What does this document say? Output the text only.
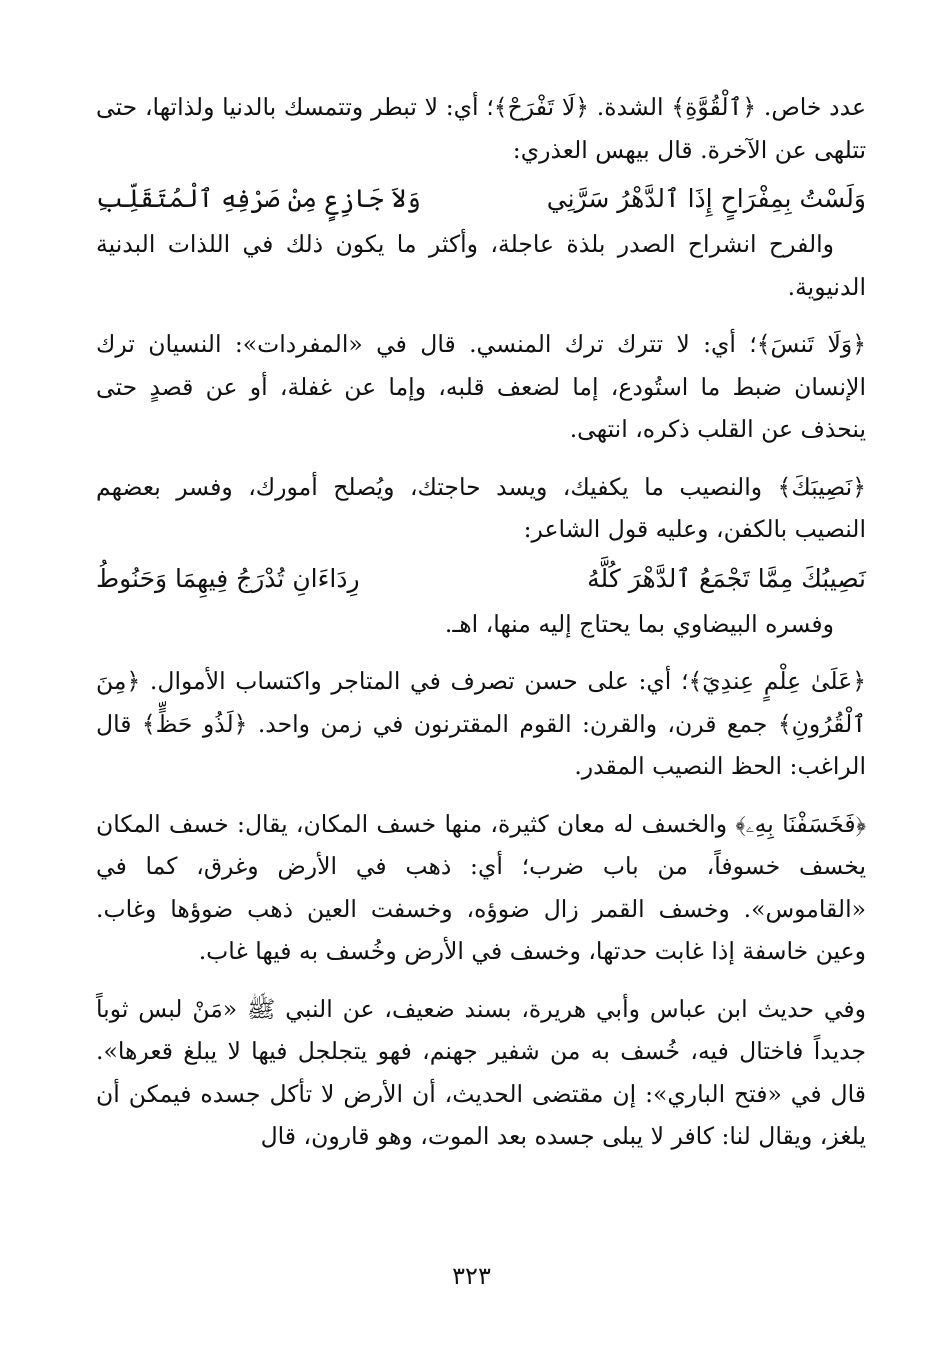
عدد خاص. ﴿ٱلْقُوَّةِ﴾ الشدة. ﴿لَا تَفْرَحْ﴾؛ أي: لا تبطر وتتمسك بالدنيا ولذاتها، حتى تتلهى عن الآخرة. قال بيهس العذري:

وَلَسْتُ بِمِفْرَاحٍ إِذَا ٱلدَّهْرُ سَرَّنِي
وَلاَ جَازِعٍ مِنْ صَرْفِهِ ٱلْمُتَقَلِّبِ

والفرح انشراح الصدر بلذة عاجلة، وأكثر ما يكون ذلك في اللذات البدنية الدنيوية.

﴿وَلَا تَنسَ﴾؛ أي: لا تترك ترك المنسي. قال في «المفردات»: النسيان ترك الإنسان ضبط ما استُودع، إما لضعف قلبه، وإما عن غفلة، أو عن قصدٍ حتى ينحذف عن القلب ذكره، انتهى.

﴿نَصِيبَكَ﴾ والنصيب ما يكفيك، ويسد حاجتك، ويُصلح أمورك، وفسر بعضهم النصيب بالكفن، وعليه قول الشاعر:

نَصِيبُكَ مِمَّا تَجْمَعُ ٱلدَّهْرَ كُلَّهُ
رِدَاءَانِ تُدْرَجُ فِيهِمَا وَحَنُوطُ

وفسره البيضاوي بما يحتاج إليه منها، اهـ.

﴿عَلَىٰ عِلْمٍ عِندِيٓ﴾؛ أي: على حسن تصرف في المتاجر واكتساب الأموال. ﴿مِنَ ٱلْقُرُونِ﴾ جمع قرن، والقرن: القوم المقترنون في زمن واحد. ﴿لَذُو حَظٍّ﴾ قال الراغب: الحظ النصيب المقدر.

﴿فَخَسَفْنَا بِهِۦ﴾ والخسف له معان كثيرة، منها خسف المكان، يقال: خسف المكان يخسف خسوفاً، من باب ضرب؛ أي: ذهب في الأرض وغرق، كما في «القاموس». وخسف القمر زال ضوؤه، وخسفت العين ذهب ضوؤها وغاب. وعين خاسفة إذا غابت حدتها، وخسف في الأرض وخُسف به فيها غاب.

وفي حديث ابن عباس وأبي هريرة، بسند ضعيف، عن النبي ﷺ «مَنْ لبس ثوباً جديداً فاختال فيه، خُسف به من شفير جهنم، فهو يتجلجل فيها لا يبلغ قعرها». قال في «فتح الباري»: إن مقتضى الحديث، أن الأرض لا تأكل جسده فيمكن أن يلغز، ويقال لنا: كافر لا يبلى جسده بعد الموت، وهو قارون، قال

٣٢٣
